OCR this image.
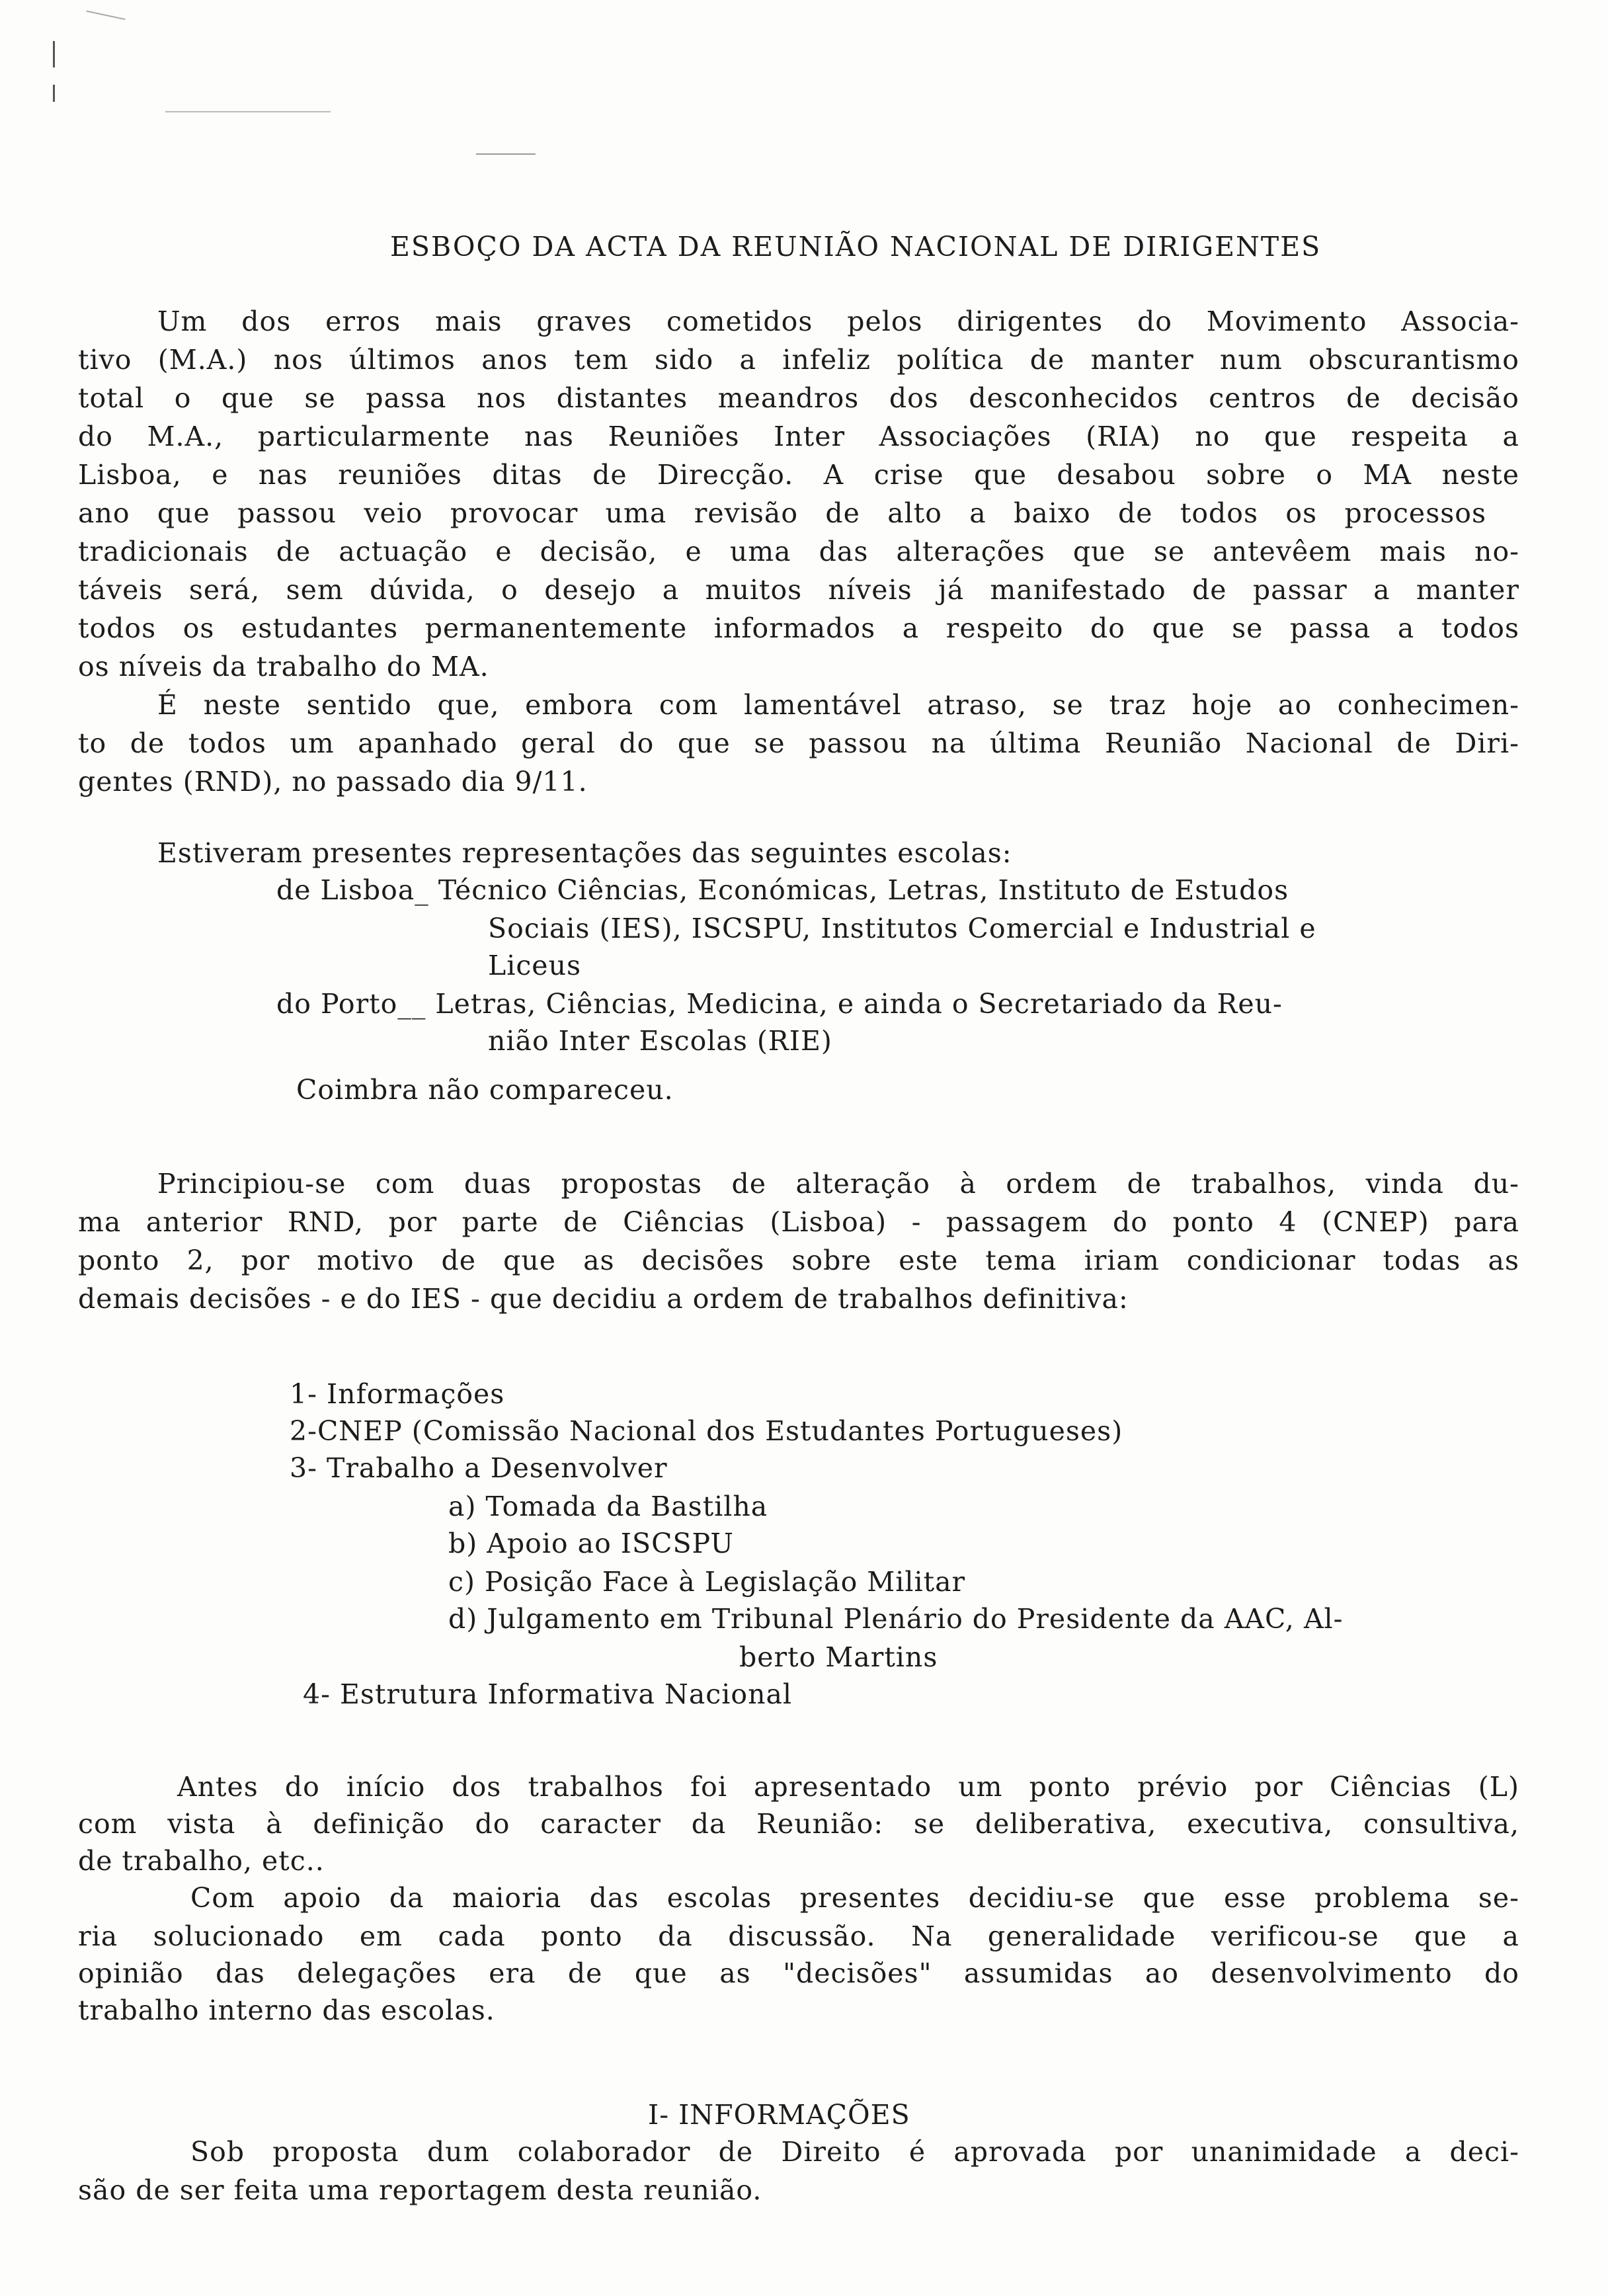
ESBOÇO DA ACTA DA REUNIÃO NACIONAL DE DIRIGENTES
Um dos erros mais graves cometidos pelos dirigentes do Movimento Associa-
tivo (M.A.) nos últimos anos tem sido a infeliz política de manter num obscurantismo
total o que se passa nos distantes meandros dos desconhecidos centros de decisão
do M.A., particularmente nas Reuniões Inter Associações (RIA) no que respeita a
Lisboa, e nas reuniões ditas de Direcção. A crise que desabou sobre o MA neste
ano que passou veio provocar uma revisão de alto a baixo de todos os processos
tradicionais de actuação e decisão, e uma das alterações que se antevêem mais no-
táveis será, sem dúvida, o desejo a muitos níveis já manifestado de passar a manter
todos os estudantes permanentemente informados a respeito do que se passa a todos
os níveis da trabalho do MA.
É neste sentido que, embora com lamentável atraso, se traz hoje ao conhecimen-
to de todos um apanhado geral do que se passou na última Reunião Nacional de Diri-
gentes (RND), no passado dia 9/11.
Estiveram presentes representações das seguintes escolas:
de Lisboa_ Técnico Ciências, Económicas, Letras, Instituto de Estudos
Sociais (IES), ISCSPU, Institutos Comercial e Industrial e
Liceus
do Porto__ Letras, Ciências, Medicina, e ainda o Secretariado da Reu-
nião Inter Escolas (RIE)
Coimbra não compareceu.
Principiou-se com duas propostas de alteração à ordem de trabalhos, vinda du-
ma anterior RND, por parte de Ciências (Lisboa) - passagem do ponto 4 (CNEP) para
ponto 2, por motivo de que as decisões sobre este tema iriam condicionar todas as
demais decisões - e do IES - que decidiu a ordem de trabalhos definitiva:
1- Informações
2-CNEP (Comissão Nacional dos Estudantes Portugueses)
3- Trabalho a Desenvolver
a) Tomada da Bastilha
b) Apoio ao ISCSPU
c) Posição Face à Legislação Militar
d) Julgamento em Tribunal Plenário do Presidente da AAC, Al-
berto Martins
4- Estrutura Informativa Nacional
Antes do início dos trabalhos foi apresentado um ponto prévio por Ciências (L)
com vista à definição do caracter da Reunião: se deliberativa, executiva, consultiva,
de trabalho, etc..
Com apoio da maioria das escolas presentes decidiu-se que esse problema se-
ria solucionado em cada ponto da discussão. Na generalidade verificou-se que a
opinião das delegações era de que as "decisões" assumidas ao desenvolvimento do
trabalho interno das escolas.
I- INFORMAÇÕES
Sob proposta dum colaborador de Direito é aprovada por unanimidade a deci-
são de ser feita uma reportagem desta reunião.
